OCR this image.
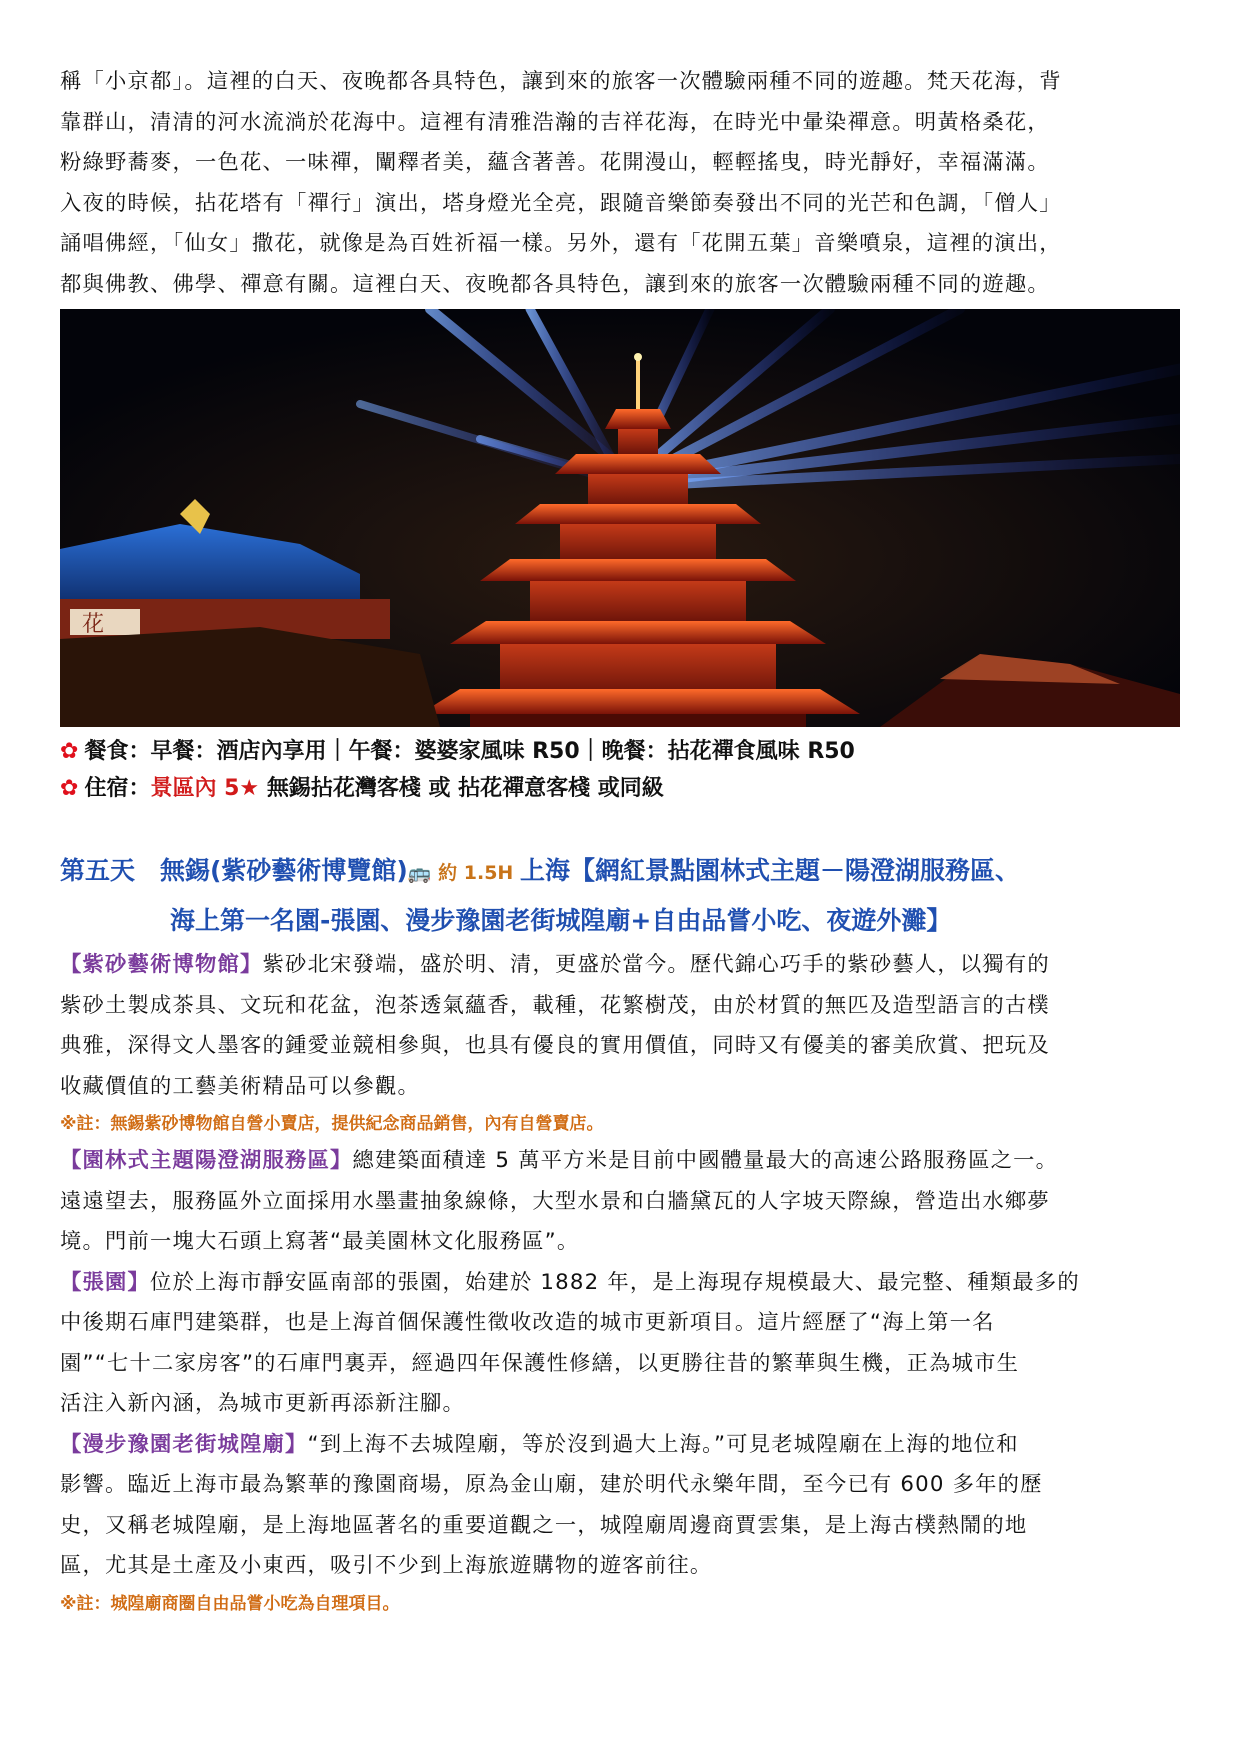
稱「小京都」。這裡的白天、夜晚都各具特色，讓到來的旅客一次體驗兩種不同的遊趣。梵天花海，背

靠群山，清清的河水流淌於花海中。這裡有清雅浩瀚的吉祥花海，在時光中暈染禪意。明黃格桑花，

粉綠野蕎麥，一色花、一味禪，闡釋者美，蘊含著善。花開漫山，輕輕搖曳，時光靜好，幸福滿滿。

入夜的時候，拈花塔有「禪行」演出，塔身燈光全亮，跟隨音樂節奏發出不同的光芒和色調，「僧人」

誦唱佛經，「仙女」撒花，就像是為百姓祈福一樣。另外，還有「花開五葉」音樂噴泉，這裡的演出，

都與佛教、佛學、禪意有關。這裡白天、夜晚都各具特色，讓到來的旅客一次體驗兩種不同的遊趣。

花

✿ 餐食：早餐：酒店內享用｜午餐：婆婆家風味 R50｜晚餐：拈花禪食風味 R50

✿ 住宿：景區內 5★ 無錫拈花灣客棧 或 拈花禪意客棧 或同級

第五天　無錫(紫砂藝術博覽館)🚌 約 1.5H 上海【網紅景點園林式主題－陽澄湖服務區、
海上第一名園-張園、漫步豫園老街城隍廟+自由品嘗小吃、夜遊外灘】

【紫砂藝術博物館】紫砂北宋發端，盛於明、清，更盛於當今。歷代錦心巧手的紫砂藝人，以獨有的

紫砂土製成茶具、文玩和花盆，泡茶透氣蘊香，載種，花繁樹茂，由於材質的無匹及造型語言的古樸

典雅，深得文人墨客的鍾愛並競相參與，也具有優良的實用價值，同時又有優美的審美欣賞、把玩及

收藏價值的工藝美術精品可以參觀。

※註：無錫紫砂博物館自營小賣店，提供紀念商品銷售，內有自營賣店。

【園林式主題陽澄湖服務區】總建築面積達 5 萬平方米是目前中國體量最大的高速公路服務區之一。

遠遠望去，服務區外立面採用水墨畫抽象線條，大型水景和白牆黛瓦的人字坡天際線，營造出水鄉夢

境。門前一塊大石頭上寫著“最美園林文化服務區”。

【張園】位於上海市靜安區南部的張園，始建於 1882 年，是上海現存規模最大、最完整、種類最多的

中後期石庫門建築群，也是上海首個保護性徵收改造的城市更新項目。這片經歷了“海上第一名

園”“七十二家房客”的石庫門裏弄，經過四年保護性修繕，以更勝往昔的繁華與生機，正為城市生

活注入新內涵，為城市更新再添新注腳。

【漫步豫園老街城隍廟】“到上海不去城隍廟，等於沒到過大上海。”可見老城隍廟在上海的地位和

影響。臨近上海市最為繁華的豫園商場，原為金山廟，建於明代永樂年間，至今已有 600 多年的歷

史，又稱老城隍廟，是上海地區著名的重要道觀之一，城隍廟周邊商賈雲集，是上海古樸熱鬧的地

區，尤其是土產及小東西，吸引不少到上海旅遊購物的遊客前往。

※註：城隍廟商圈自由品嘗小吃為自理項目。
